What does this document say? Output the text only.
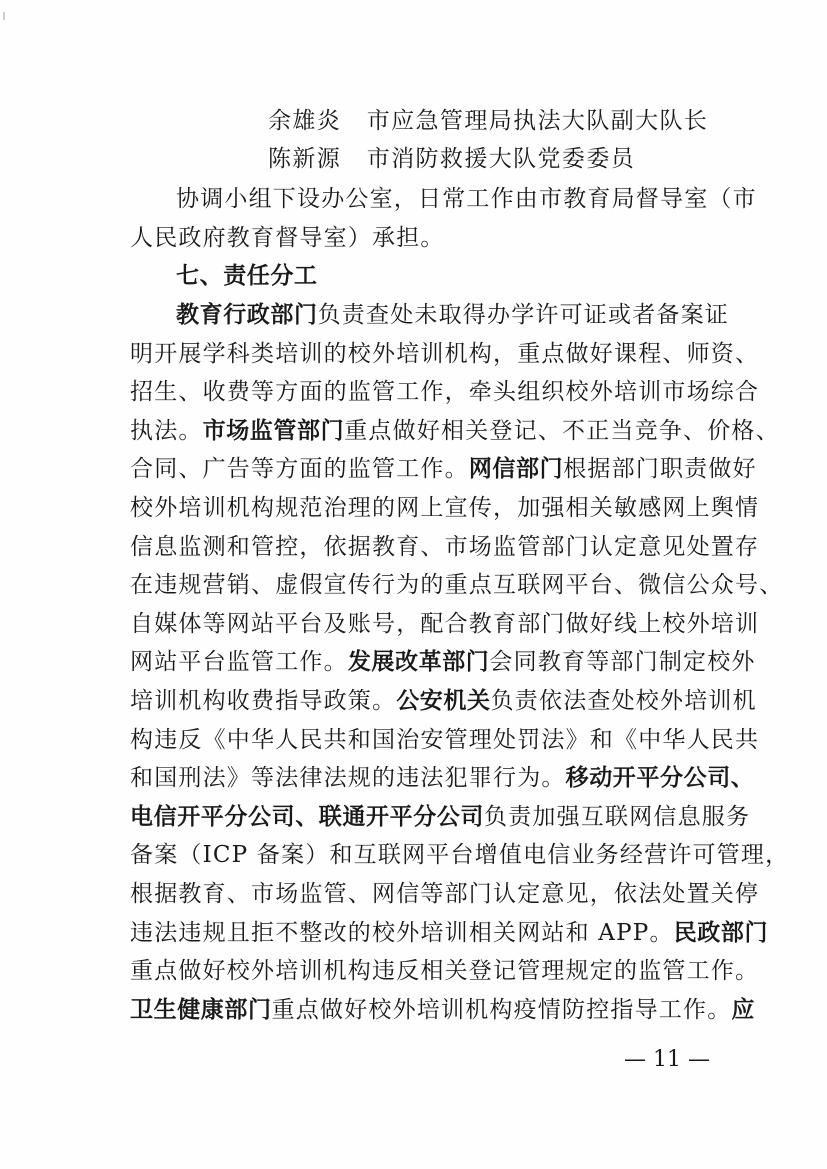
余雄炎 市应急管理局执法大队副大队长
陈新源 市消防救援大队党委委员
协调小组下设办公室，日常工作由市教育局督导室（市
人民政府教育督导室）承担。
七、责任分工
教育行政部门负责查处未取得办学许可证或者备案证
明开展学科类培训的校外培训机构，重点做好课程、师资、
招生、收费等方面的监管工作，牵头组织校外培训市场综合
执法。市场监管部门重点做好相关登记、不正当竞争、价格、
合同、广告等方面的监管工作。网信部门根据部门职责做好
校外培训机构规范治理的网上宣传，加强相关敏感网上舆情
信息监测和管控，依据教育、市场监管部门认定意见处置存
在违规营销、虚假宣传行为的重点互联网平台、微信公众号、
自媒体等网站平台及账号，配合教育部门做好线上校外培训
网站平台监管工作。发展改革部门会同教育等部门制定校外
培训机构收费指导政策。公安机关负责依法查处校外培训机
构违反《中华人民共和国治安管理处罚法》和《中华人民共
和国刑法》等法律法规的违法犯罪行为。移动开平分公司、
电信开平分公司、联通开平分公司负责加强互联网信息服务
备案（ICP 备案）和互联网平台增值电信业务经营许可管理，
根据教育、市场监管、网信等部门认定意见，依法处置关停
违法违规且拒不整改的校外培训相关网站和 APP。民政部门
重点做好校外培训机构违反相关登记管理规定的监管工作。
卫生健康部门重点做好校外培训机构疫情防控指导工作。应
— 11 —
